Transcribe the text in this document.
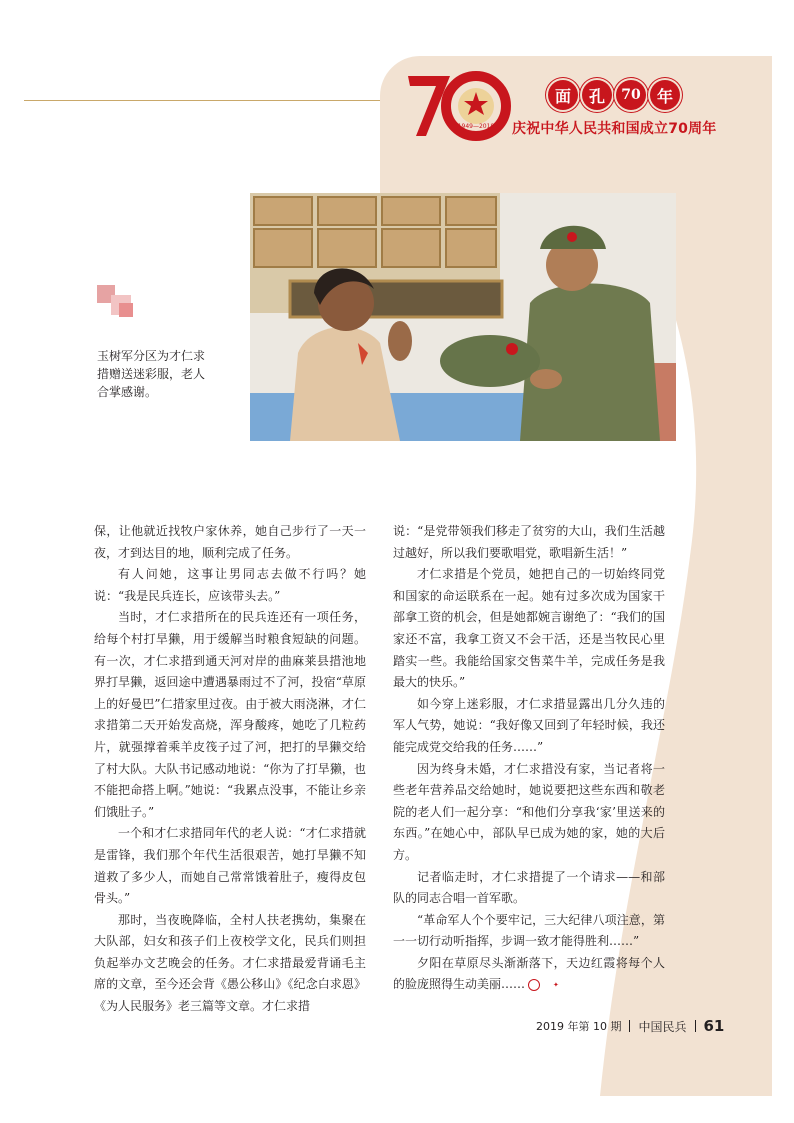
1949—2019
面	孔	70	年
庆祝中华人民共和国成立70周年
玉树军分区为才仁求措赠送迷彩服，老人合掌感谢。

保，让他就近找牧户家休养，她自己步行了一天一夜，才到达目的地，顺利完成了任务。

有人问她，这事让男同志去做不行吗？她说：“我是民兵连长，应该带头去。”

当时，才仁求措所在的民兵连还有一项任务，给每个村打旱獭，用于缓解当时粮食短缺的问题。有一次，才仁求措到通天河对岸的曲麻莱县措池地界打旱獭，返回途中遭遇暴雨过不了河，投宿“草原上的好曼巴”仁措家里过夜。由于被大雨浇淋，才仁求措第二天开始发高烧，浑身酸疼，她吃了几粒药片，就强撑着乘羊皮筏子过了河，把打的旱獭交给了村大队。大队书记感动地说：“你为了打旱獭，也不能把命搭上啊。”她说：“我累点没事，不能让乡亲们饿肚子。”

一个和才仁求措同年代的老人说：“才仁求措就是雷锋，我们那个年代生活很艰苦，她打旱獭不知道救了多少人，而她自己常常饿着肚子，瘦得皮包骨头。”

那时，当夜晚降临，全村人扶老携幼，集聚在大队部，妇女和孩子们上夜校学文化，民兵们则担负起举办文艺晚会的任务。才仁求措最爱背诵毛主席的文章，至今还会背《愚公移山》《纪念白求恩》《为人民服务》老三篇等文章。才仁求措

说：“是党带领我们移走了贫穷的大山，我们生活越过越好，所以我们要歌唱党，歌唱新生活！”

才仁求措是个党员，她把自己的一切始终同党和国家的命运联系在一起。她有过多次成为国家干部拿工资的机会，但是她都婉言谢绝了：“我们的国家还不富，我拿工资又不会干活，还是当牧民心里踏实一些。我能给国家交售菜牛羊，完成任务是我最大的快乐。”

如今穿上迷彩服，才仁求措显露出几分久违的军人气势，她说：“我好像又回到了年轻时候，我还能完成党交给我的任务……”

因为终身未婚，才仁求措没有家，当记者将一些老年营养品交给她时，她说要把这些东西和敬老院的老人们一起分享：“和他们分享我‘家’里送来的东西。”在她心中，部队早已成为她的家，她的大后方。

记者临走时，才仁求措提了一个请求——和部队的同志合唱一首军歌。

“革命军人个个要牢记，三大纪律八项注意，第一一切行动听指挥，步调一致才能得胜利……”

夕阳在草原尽头渐渐落下，天边红霞将每个人的脸庞照得生动美丽……	✦

2019 年第 10 期 中国民兵 61
